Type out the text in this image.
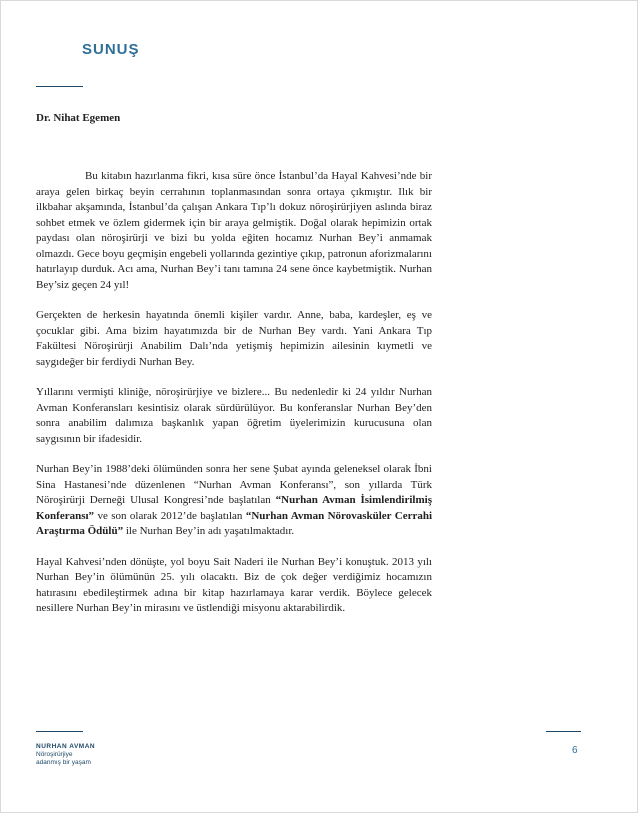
SUNUŞ
Dr. Nihat Egemen

Bu kitabın hazırlanma fikri, kısa süre önce İstanbul’da Hayal Kahvesi’nde bir araya gelen birkaç beyin cerrahının toplanmasından sonra ortaya çıkmıştır. Ilık bir ilkbahar akşamında, İstanbul’da çalışan Ankara Tıp’lı dokuz nöroşirürjiyen aslında biraz sohbet etmek ve özlem gidermek için bir araya gelmiştik. Doğal olarak hepimizin ortak paydası olan nöroşirürji ve bizi bu yolda eğiten hocamız Nurhan Bey’i anmamak olmazdı. Gece boyu geçmişin engebeli yollarında gezintiye çıkıp, patronun aforizmalarını hatırlayıp durduk. Acı ama, Nurhan Bey’i tanı tamına 24 sene önce kaybetmiştik. Nurhan Bey’siz geçen 24 yıl!

Gerçekten de herkesin hayatında önemli kişiler vardır. Anne, baba, kardeşler, eş ve çocuklar gibi. Ama bizim hayatımızda bir de Nurhan Bey vardı. Yani Ankara Tıp Fakültesi Nöroşirürji Anabilim Dalı’nda yetişmiş hepimizin ailesinin kıymetli ve saygıdeğer bir ferdiydi Nurhan Bey.

Yıllarını vermişti kliniğe, nöroşirürjiye ve bizlere... Bu nedenledir ki 24 yıldır Nurhan Avman Konferansları kesintisiz olarak sürdürülüyor. Bu konferanslar Nurhan Bey’den sonra anabilim dalımıza başkanlık yapan öğretim üyelerimizin kurucusuna olan saygısının bir ifadesidir.

Nurhan Bey’in 1988’deki ölümünden sonra her sene Şubat ayında geleneksel olarak İbni Sina Hastanesi’nde düzenlenen “Nurhan Avman Konferansı”, son yıllarda Türk Nöroşirürji Derneği Ulusal Kongresi’nde başlatılan “Nurhan Avman İsimlendirilmiş Konferansı” ve son olarak 2012’de başlatılan “Nurhan Avman Nörovasküler Cerrahi Araştırma Ödülü” ile Nurhan Bey’in adı yaşatılmaktadır.

Hayal Kahvesi’nden dönüşte, yol boyu Sait Naderi ile Nurhan Bey’i konuştuk. 2013 yılı Nurhan Bey’in ölümünün 25. yılı olacaktı. Biz de çok değer verdiğimiz hocamızın hatırasını ebedileştirmek adına bir kitap hazırlamaya karar verdik. Böylece gelecek nesillere Nurhan Bey’in mirasını ve üstlendiği misyonu aktarabilirdik.

NURHAN AVMAN
Nöroşirürjiye
adanmış bir yaşam
6
